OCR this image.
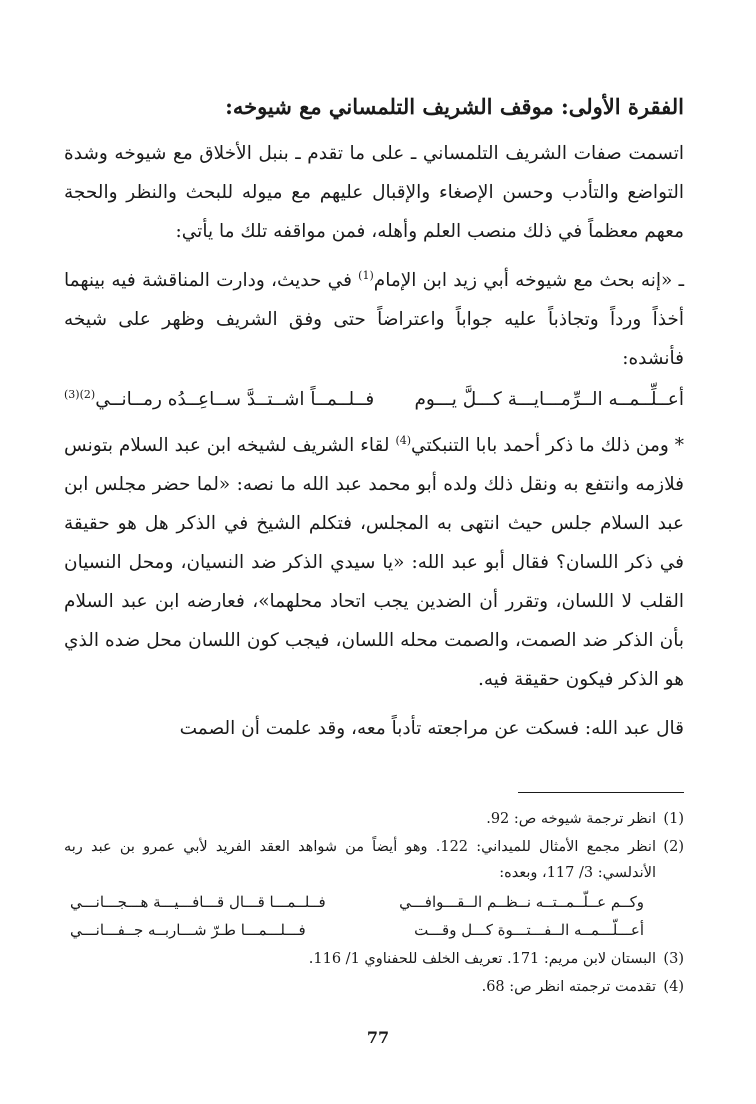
الفقرة الأولى: موقف الشريف التلمساني مع شيوخه:

اتسمت صفات الشريف التلمساني ـ على ما تقدم ـ بنبل الأخلاق مع شيوخه وشدة التواضع والتأدب وحسن الإصغاء والإقبال عليهم مع ميوله للبحث والنظر والحجة معهم معظماً في ذلك منصب العلم وأهله، فمن مواقفه تلك ما يأتي:

ـ «إنه بحث مع شيوخه أبي زيد ابن الإمام$^{(1)}$ في حديث، ودارت المناقشة فيه بينهما أخذاً ورداً وتجاذباً عليه جواباً واعتراضاً حتى وفق الشريف وظهر على شيخه فأنشده:

أعــلِّــمــه الــرِّمـــايـــة كـــلَّ يـــوم
فــلــمــاً اشــتــدَّ ســاعِــدُه رمــانــي$^{(2)(3)}$

* ومن ذلك ما ذكر أحمد بابا التنبكتي$^{(4)}$ لقاء الشريف لشيخه ابن عبد السلام بتونس فلازمه وانتفع به ونقل ذلك ولده أبو محمد عبد الله ما نصه: «لما حضر مجلس ابن عبد السلام جلس حيث انتهى به المجلس، فتكلم الشيخ في الذكر هل هو حقيقة في ذكر اللسان؟ فقال أبو عبد الله: «يا سيدي الذكر ضد النسيان، ومحل النسيان القلب لا اللسان، وتقرر أن الضدين يجب اتحاد محلهما»، فعارضه ابن عبد السلام بأن الذكر ضد الصمت، والصمت محله اللسان، فيجب كون اللسان محل ضده الذي هو الذكر فيكون حقيقة فيه.

قال عبد الله: فسكت عن مراجعته تأدباً معه، وقد علمت أن الصمت

(1)
انظر ترجمة شيوخه ص: 92.
(2)
انظر مجمع الأمثال للميداني: 122. وهو أيضاً من شواهد العقد الفريد لأبي عمرو بن عبد ربه الأندلسي: 3/ 117، وبعده:
وكــم عــلّــمــتــه نــظــم الــقـــوافـــي
فــلــمـــا قـــال قـــافـــيـــة هـــجـــانـــي
أعـــلّـــمــه الــفـــتـــوة كـــل وقـــت
فـــلـــمـــا طـرّ شـــاربــه جــفـــانـــي
(3)
البستان لابن مريم: 171. تعريف الخلف للحفناوي 1/ 116.
(4)
تقدمت ترجمته انظر ص: 68.
77
